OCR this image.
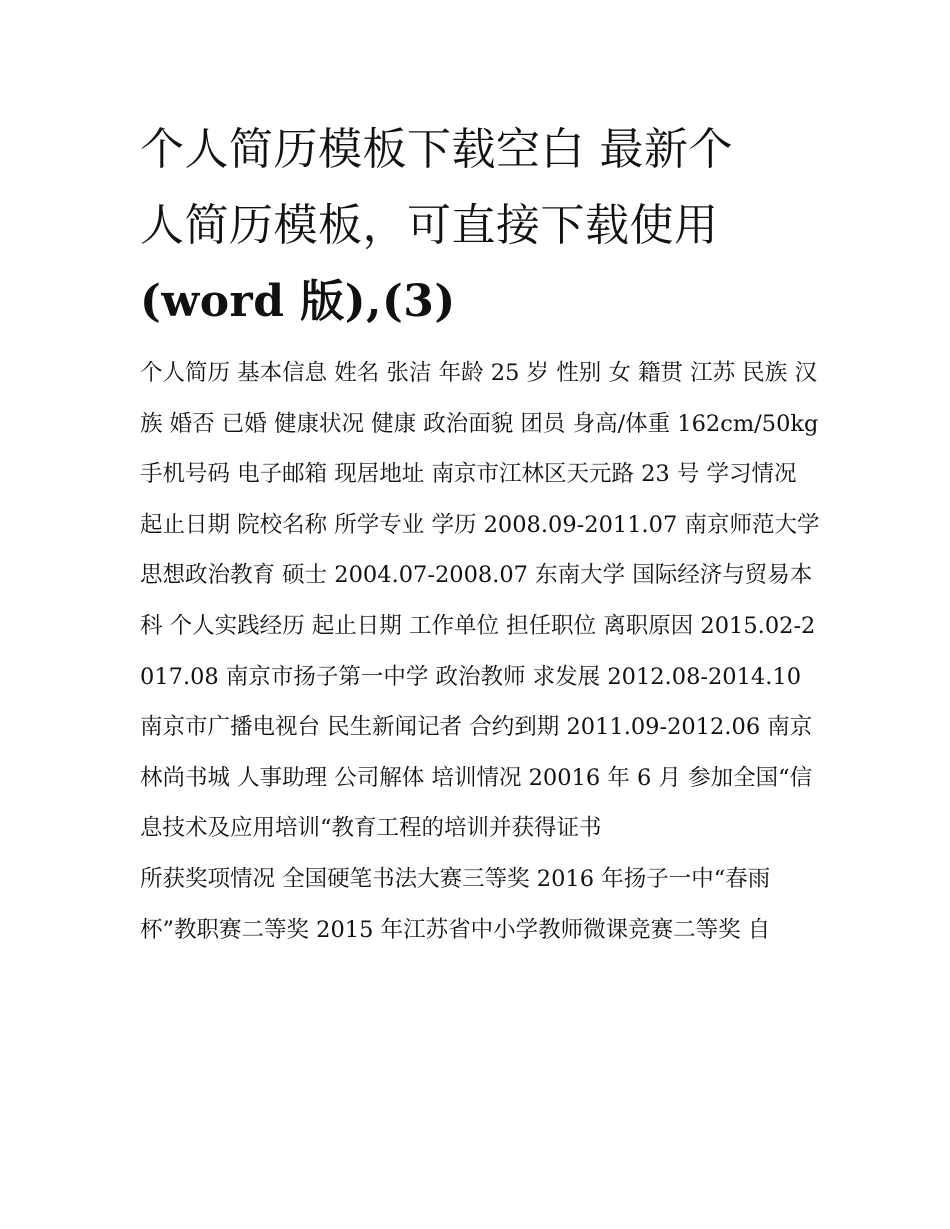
个人简历模板下载空白 最新个
人简历模板，可直接下载使用
(word 版),(3)

个人简历 基本信息 姓名 张洁 年龄 25 岁 性别 女 籍贯 江苏 民族 汉族 婚否 已婚 健康状况 健康 政治面貌 团员 身高/体重 162cm/50kg

手机号码 电子邮箱 现居地址 南京市江林区天元路 23 号 学习情况 起止日期 院校名称 所学专业 学历 2008.09-2011.07 南京师范大学

思想政治教育 硕士 2004.07-2008.07 东南大学 国际经济与贸易本科 个人实践经历 起止日期 工作单位 担任职位 离职原因 2015.02-2017.08 南京市扬子第一中学 政治教师 求发展 2012.08-2014.10 南京市广播电视台 民生新闻记者 合约到期 2011.09-2012.06 南京林尚书城 人事助理 公司解体 培训情况 20016 年 6 月 参加全国“信息技术及应用培训“教育工程的培训并获得证书

所获奖项情况 全国硬笔书法大赛三等奖 2016 年扬子一中“春雨杯”教职赛二等奖 2015 年江苏省中小学教师微课竞赛二等奖 自
